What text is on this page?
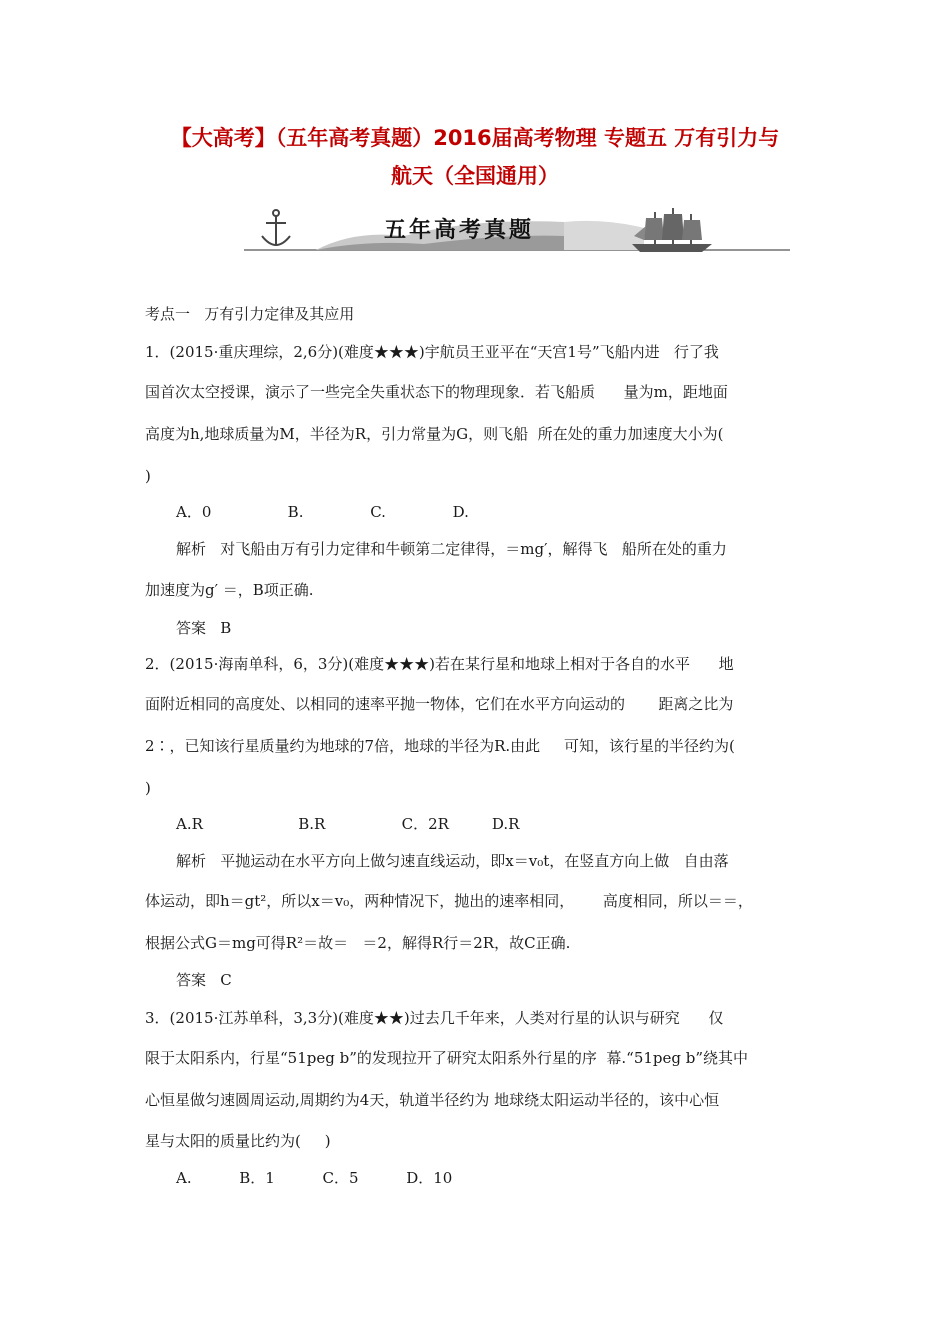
【大高考】（五年高考真题）2016届高考物理 专题五 万有引力与
航天（全国通用）
五年高考真题
考点一   万有引力定律及其应用
1．(2015·重庆理综，2,6分)(难度★★★)宇航员王亚平在“天宫1号”飞船内进   行了我
国首次太空授课，演示了一些完全失重状态下的物理现象．若飞船质      量为m，距地面
高度为h,地球质量为M，半径为R，引力常量为G，则飞船  所在处的重力加速度大小为(
)
A．0                B.              C.              D.
解析   对飞船由万有引力定律和牛顿第二定律得，＝mg′，解得飞   船所在处的重力
加速度为g′ ＝，B项正确.
答案   B
2．(2015·海南单科，6，3分)(难度★★★)若在某行星和地球上相对于各自的水平      地
面附近相同的高度处、以相同的速率平抛一物体，它们在水平方向运动的       距离之比为
2∶，已知该行星质量约为地球的7倍，地球的半径为R.由此     可知，该行星的半径约为(
)
A.R                    B.R                C．2R         D.R
解析   平抛运动在水平方向上做匀速直线运动，即x＝v₀t，在竖直方向上做   自由落
体运动，即h＝gt²，所以x＝v₀，两种情况下，抛出的速率相同，      高度相同，所以＝＝，
根据公式G＝mg可得R²＝故＝   ＝2，解得R行＝2R，故C正确.
答案   C
3．(2015·江苏单科，3,3分)(难度★★)过去几千年来，人类对行星的认识与研究      仅
限于太阳系内，行星“51peg b”的发现拉开了研究太阳系外行星的序  幕.“51peg b”绕其中
心恒星做匀速圆周运动,周期约为4天，轨道半径约为 地球绕太阳运动半径的，该中心恒
星与太阳的质量比约为(     )
A.          B．1          C．5          D．10
